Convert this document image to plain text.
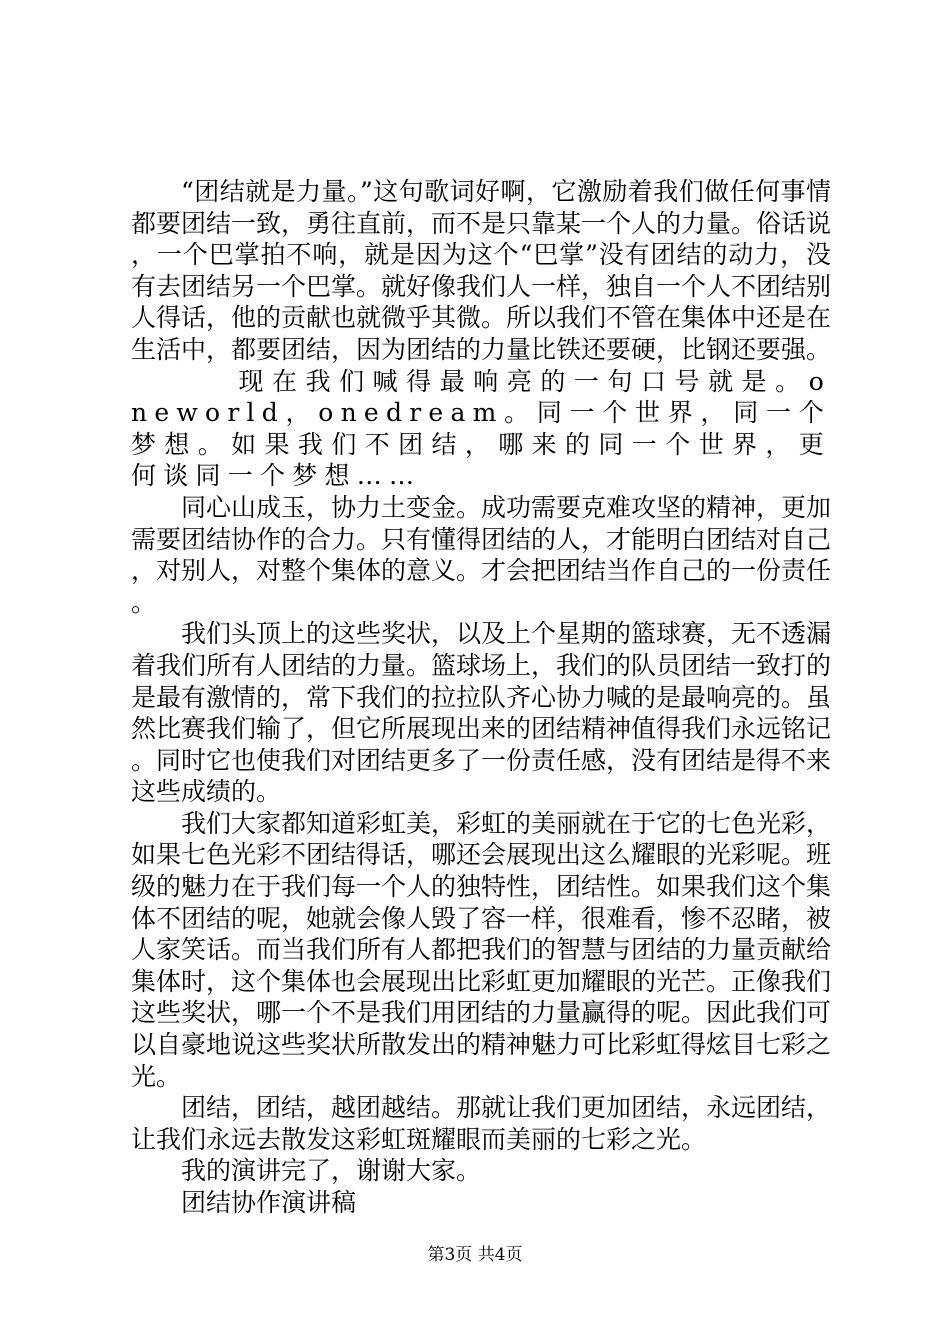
“团结就是力量。”这句歌词好啊，它激励着我们做任何事情都要团结一致，勇往直前，而不是只靠某一个人的力量。俗话说，一个巴掌拍不响，就是因为这个“巴掌”没有团结的动力，没有去团结另一个巴掌。就好像我们人一样，独自一个人不团结别人得话，他的贡献也就微乎其微。所以我们不管在集体中还是在生活中，都要团结，因为团结的力量比铁还要硬，比钢还要强。

现在我们喊得最响亮的一句口号就是。oneworld，onedream。同一个世界，同一个梦想。如果我们不团结，哪来的同一个世界，更何谈同一个梦想……

同心山成玉，协力土变金。成功需要克难攻坚的精神，更加需要团结协作的合力。只有懂得团结的人，才能明白团结对自己，对别人，对整个集体的意义。才会把团结当作自己的一份责任。

我们头顶上的这些奖状，以及上个星期的篮球赛，无不透漏着我们所有人团结的力量。篮球场上，我们的队员团结一致打的是最有激情的，常下我们的拉拉队齐心协力喊的是最响亮的。虽然比赛我们输了，但它所展现出来的团结精神值得我们永远铭记。同时它也使我们对团结更多了一份责任感，没有团结是得不来这些成绩的。

我们大家都知道彩虹美，彩虹的美丽就在于它的七色光彩，如果七色光彩不团结得话，哪还会展现出这么耀眼的光彩呢。班级的魅力在于我们每一个人的独特性，团结性。如果我们这个集体不团结的呢，她就会像人毁了容一样，很难看，惨不忍睹，被人家笑话。而当我们所有人都把我们的智慧与团结的力量贡献给集体时，这个集体也会展现出比彩虹更加耀眼的光芒。正像我们这些奖状，哪一个不是我们用团结的力量赢得的呢。因此我们可以自豪地说这些奖状所散发出的精神魅力可比彩虹得炫目七彩之光。

团结，团结，越团越结。那就让我们更加团结，永远团结，让我们永远去散发这彩虹斑耀眼而美丽的七彩之光。

我的演讲完了，谢谢大家。

团结协作演讲稿

第3页 共4页
